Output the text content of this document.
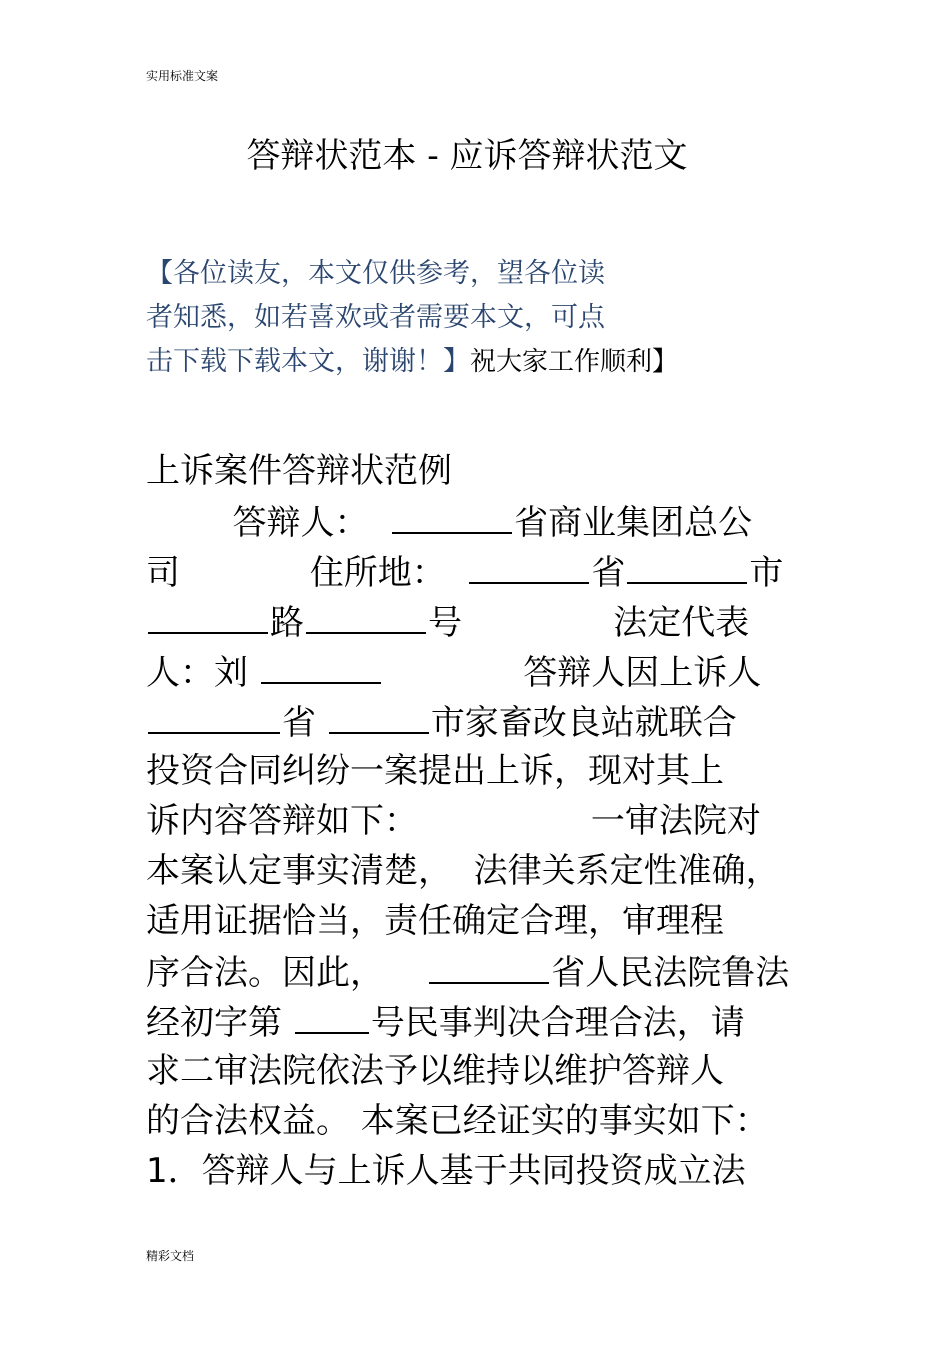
实用标准文案
答辩状范本 - 应诉答辩状范文
【各位读友，本文仅供参考，望各位读
者知悉，如若喜欢或者需要本文，可点
击下载下载本文，谢谢！】祝大家工作顺利】
上诉案件答辩状范例
答辩人：	省商业集团总公
司            住所地：	省	市
路	号              法定代表
人：刘	答辩人因上诉人
省	市家畜改良站就联合
投资合同纠纷一案提出上诉，现对其上
诉内容答辩如下：                一审法院对
本案认定事实清楚，  法律关系定性准确，
适用证据恰当，责任确定合理，审理程
序合法。因此，	省人民法院鲁法
经初字第 号民事判决合理合法，请
求二审法院依法予以维持以维护答辩人
的合法权益。 本案已经证实的事实如下：
1．答辩人与上诉人基于共同投资成立法
精彩文档
